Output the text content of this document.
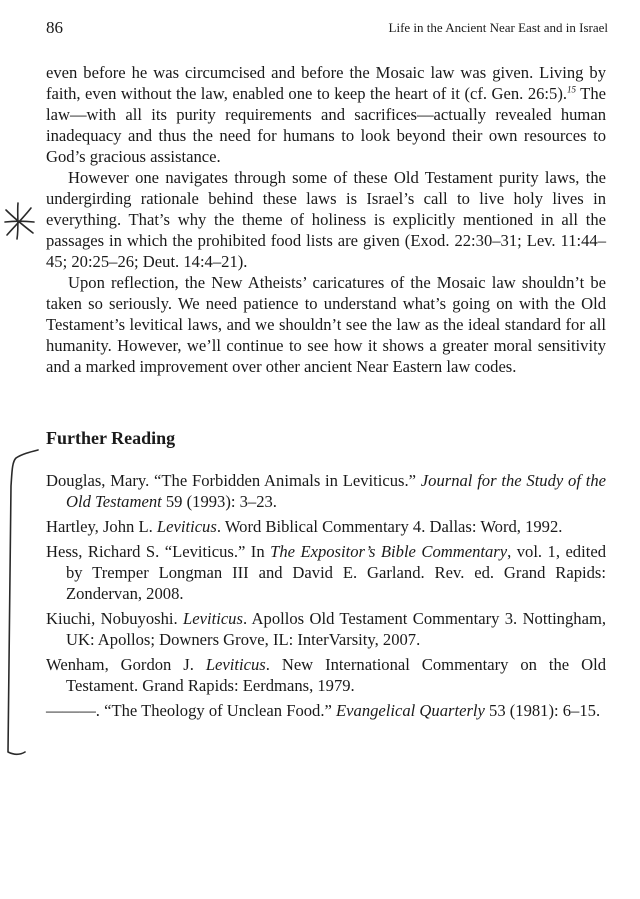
86	Life in the Ancient Near East and in Israel

even before he was circumcised and before the Mosaic law was given. Living by faith, even without the law, enabled one to keep the heart of it (cf. Gen. 26:5).$^{15}$ The law—with all its purity requirements and sacrifices—actually revealed human inadequacy and thus the need for humans to look beyond their own resources to God’s gracious assistance.

However one navigates through some of these Old Testament purity laws, the undergirding rationale behind these laws is Israel’s call to live holy lives in everything. That’s why the theme of holiness is explicitly mentioned in all the passages in which the prohibited food lists are given (Exod. 22:30–31; Lev. 11:44–45; 20:25–26; Deut. 14:4–21).

Upon reflection, the New Atheists’ caricatures of the Mosaic law shouldn’t be taken so seriously. We need patience to understand what’s going on with the Old Testament’s levitical laws, and we shouldn’t see the law as the ideal standard for all humanity. However, we’ll continue to see how it shows a greater moral sensitivity and a marked improvement over other ancient Near Eastern law codes.

Further Reading

Douglas, Mary. “The Forbidden Animals in Leviticus.” Journal for the Study of the Old Testament 59 (1993): 3–23.

Hartley, John L. Leviticus. Word Biblical Commentary 4. Dallas: Word, 1992.

Hess, Richard S. “Leviticus.” In The Expositor’s Bible Commentary, vol. 1, edited by Tremper Longman III and David E. Garland. Rev. ed. Grand Rapids: Zondervan, 2008.

Kiuchi, Nobuyoshi. Leviticus. Apollos Old Testament Commentary 3. Nottingham, UK: Apollos; Downers Grove, IL: InterVarsity, 2007.

Wenham, Gordon J. Leviticus. New International Commentary on the Old Testament. Grand Rapids: Eerdmans, 1979.

———. “The Theology of Unclean Food.” Evangelical Quarterly 53 (1981): 6–15.
